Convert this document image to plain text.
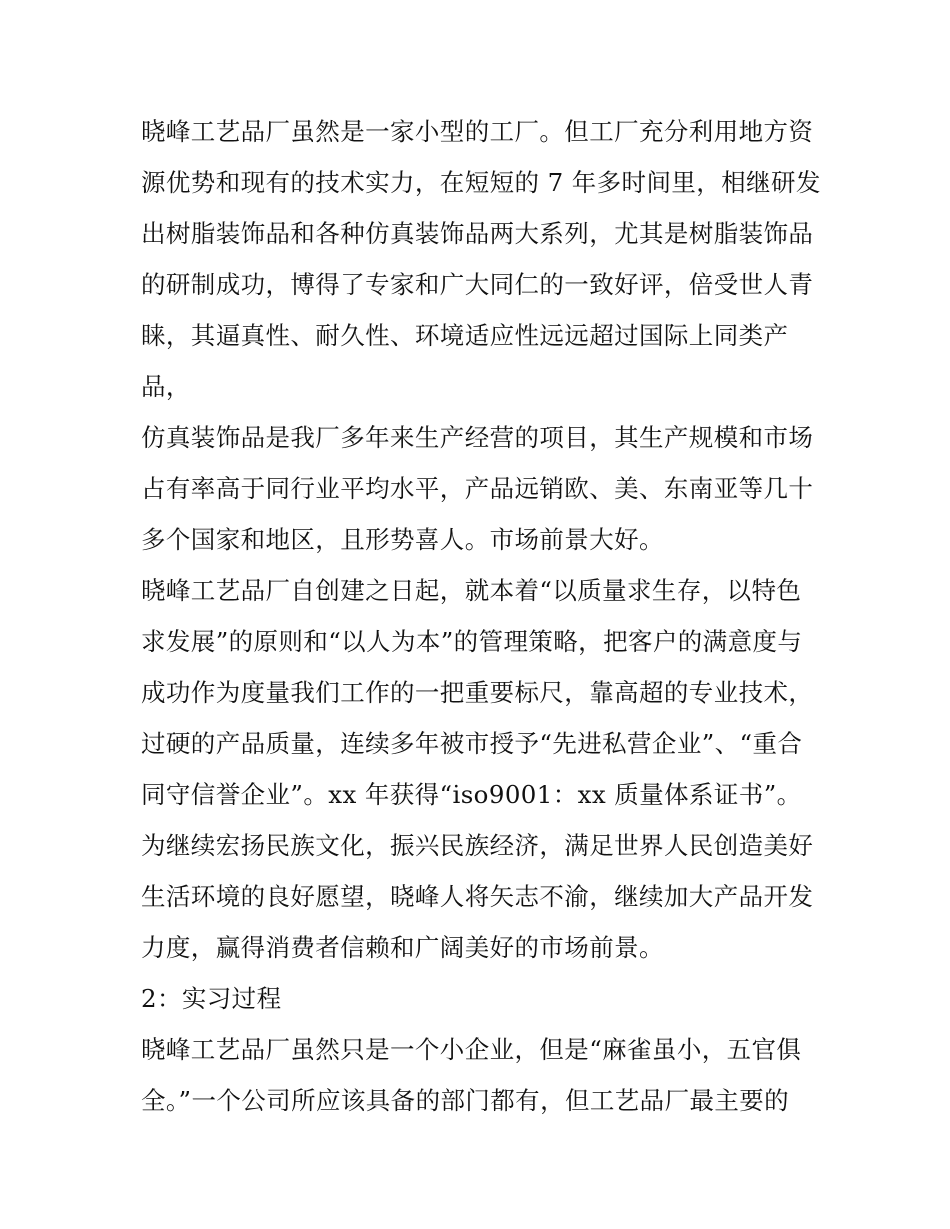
晓峰工艺品厂虽然是一家小型的工厂。但工厂充分利用地方资
源优势和现有的技术实力，在短短的 7 年多时间里，相继研发
出树脂装饰品和各种仿真装饰品两大系列，尤其是树脂装饰品
的研制成功，博得了专家和广大同仁的一致好评，倍受世人青
睐，其逼真性、耐久性、环境适应性远远超过国际上同类产
品，
仿真装饰品是我厂多年来生产经营的项目，其生产规模和市场
占有率高于同行业平均水平，产品远销欧、美、东南亚等几十
多个国家和地区，且形势喜人。市场前景大好。
晓峰工艺品厂自创建之日起，就本着“以质量求生存，以特色
求发展”的原则和“以人为本”的管理策略，把客户的满意度与
成功作为度量我们工作的一把重要标尺，靠高超的专业技术，
过硬的产品质量，连续多年被市授予“先进私营企业”、“重合
同守信誉企业”。xx 年获得“iso9001：xx 质量体系证书”。
为继续宏扬民族文化，振兴民族经济，满足世界人民创造美好
生活环境的良好愿望，晓峰人将矢志不渝，继续加大产品开发
力度，赢得消费者信赖和广阔美好的市场前景。
2：实习过程
晓峰工艺品厂虽然只是一个小企业，但是“麻雀虽小，五官俱
全。”一个公司所应该具备的部门都有，但工艺品厂最主要的
